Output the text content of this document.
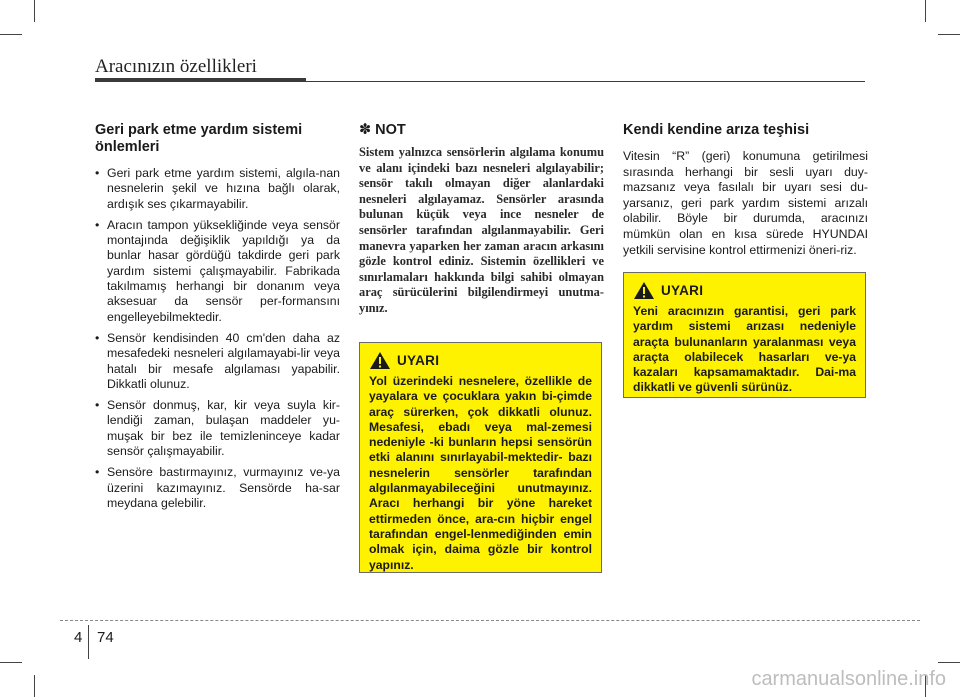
Aracınızın özellikleri
Geri park etme yardım sistemi önlemleri
• Geri park etme yardım sistemi, algıla-nan nesnelerin şekil ve hızına bağlı olarak, ardışık ses çıkarmayabilir.
• Aracın tampon yüksekliğinde veya sensör montajında değişiklik yapıldığı ya da bunlar hasar gördüğü takdirde geri park yardım sistemi çalışmayabilir. Fabrikada takılmamış herhangi bir donanım veya aksesuar da sensör per-formansını engelleyebilmektedir.
• Sensör kendisinden 40 cm'den daha az mesafedeki nesneleri algılamayabi-lir veya hatalı bir mesafe algılaması yapabilir. Dikkatli olunuz.
• Sensör donmuş, kar, kir veya suyla kir-lendiği zaman, bulaşan maddeler yu-muşak bir bez ile temizleninceye kadar sensör çalışmayabilir.
• Sensöre bastırmayınız, vurmayınız ve-ya üzerini kazımayınız. Sensörde ha-sar meydana gelebilir.
✽ NOT

Sistem yalnızca sensörlerin algılama konumu ve alanı içindeki bazı nesneleri algılayabilir; sensör takılı olmayan diğer alanlardaki nesneleri algılayamaz. Sensörler arasında bulunan küçük veya ince nesneler de sensörler tarafından algılanmayabilir. Geri manevra yaparken her zaman aracın arkasını gözle kontrol ediniz. Sistemin özellikleri ve sınırlamaları hakkında bilgi sahibi olmayan araç sürücülerini bilgilendirmeyi unutma-yınız.

UYARI

Yol üzerindeki nesnelere, özellikle de yayalara ve çocuklara yakın bi-çimde araç sürerken, çok dikkatli olunuz. Mesafesi, ebadı veya mal-zemesi nedeniyle -ki bunların hepsi sensörün etki alanını sınırlayabil-mektedir- bazı nesnelerin sensörler tarafından algılanmayabileceğini unutmayınız. Aracı herhangi bir yöne hareket ettirmeden önce, ara-cın hiçbir engel tarafından engel-lenmediğinden emin olmak için, daima gözle bir kontrol yapınız.

Kendi kendine arıza teşhisi

Vitesin “R” (geri) konumuna getirilmesi sırasında herhangi bir sesli uyarı duy-mazsanız veya fasılalı bir uyarı sesi du-yarsanız, geri park yardım sistemi arızalı olabilir. Böyle bir durumda, aracınızı mümkün olan en kısa sürede HYUNDAI yetkili servisine kontrol ettirmenizi öneri-riz.

UYARI

Yeni aracınızın garantisi, geri park yardım sistemi arızası nedeniyle araçta bulunanların yaralanması veya araçta olabilecek hasarları ve-ya kazaları kapsamamaktadır. Dai-ma dikkatli ve güvenli sürünüz.

4 74
carmanualsonline.info
